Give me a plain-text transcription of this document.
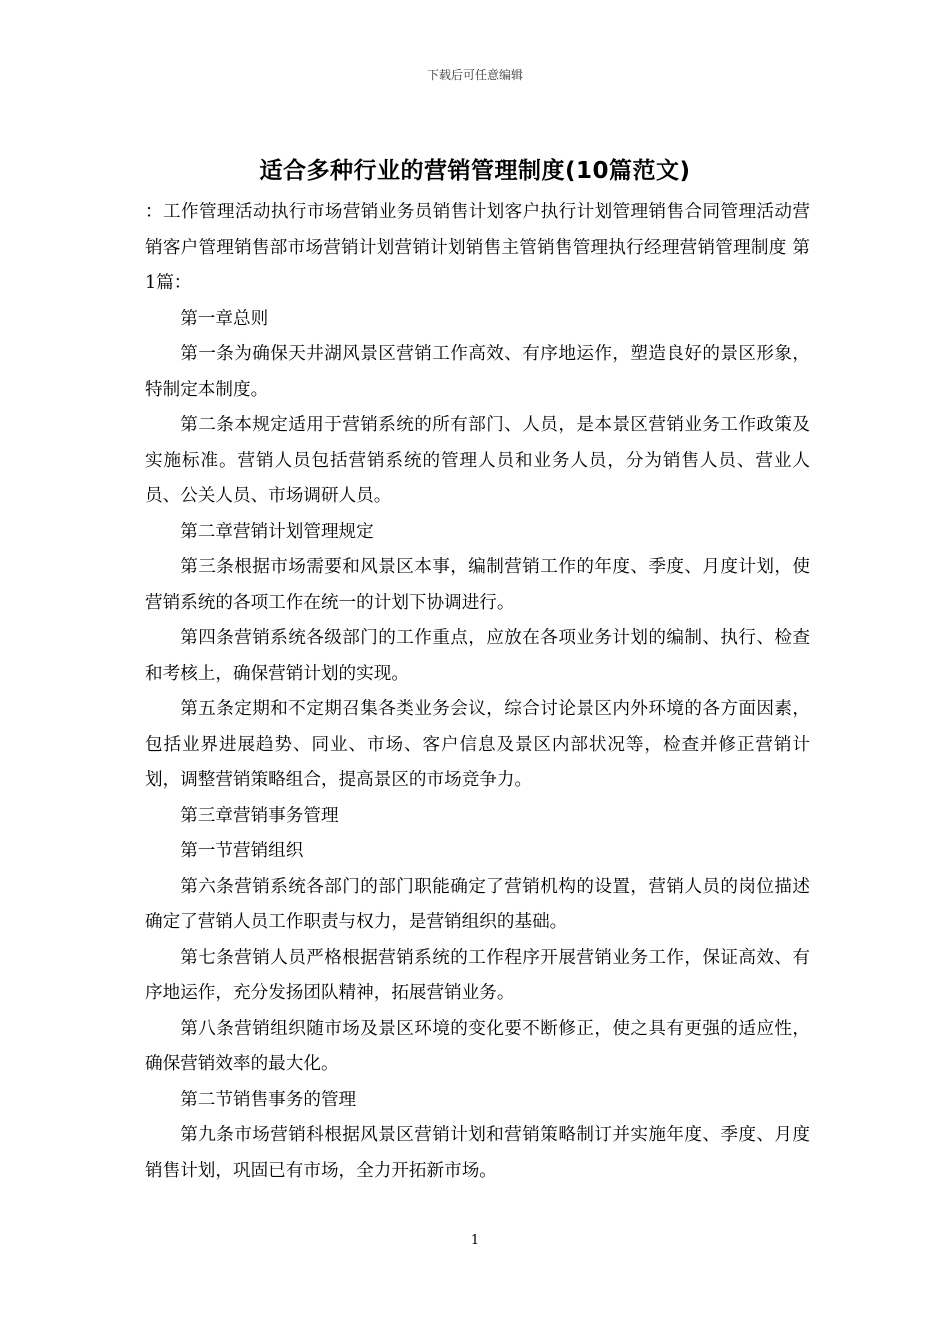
下载后可任意编辑
适合多种行业的营销管理制度(10篇范文)

：工作管理活动执行市场营销业务员销售计划客户执行计划管理销售合同管理活动营销客户管理销售部市场营销计划营销计划销售主管销售管理执行经理营销管理制度 第1篇：

第一章总则

第一条为确保天井湖风景区营销工作高效、有序地运作，塑造良好的景区形象，特制定本制度。

第二条本规定适用于营销系统的所有部门、人员，是本景区营销业务工作政策及实施标准。营销人员包括营销系统的管理人员和业务人员，分为销售人员、营业人员、公关人员、市场调研人员。

第二章营销计划管理规定

第三条根据市场需要和风景区本事，编制营销工作的年度、季度、月度计划，使营销系统的各项工作在统一的计划下协调进行。

第四条营销系统各级部门的工作重点，应放在各项业务计划的编制、执行、检查和考核上，确保营销计划的实现。

第五条定期和不定期召集各类业务会议，综合讨论景区内外环境的各方面因素，包括业界进展趋势、同业、市场、客户信息及景区内部状况等，检查并修正营销计划，调整营销策略组合，提高景区的市场竞争力。

第三章营销事务管理

第一节营销组织

第六条营销系统各部门的部门职能确定了营销机构的设置，营销人员的岗位描述确定了营销人员工作职责与权力，是营销组织的基础。

第七条营销人员严格根据营销系统的工作程序开展营销业务工作，保证高效、有序地运作，充分发扬团队精神，拓展营销业务。

第八条营销组织随市场及景区环境的变化要不断修正，使之具有更强的适应性，确保营销效率的最大化。

第二节销售事务的管理

第九条市场营销科根据风景区营销计划和营销策略制订并实施年度、季度、月度销售计划，巩固已有市场，全力开拓新市场。

1
